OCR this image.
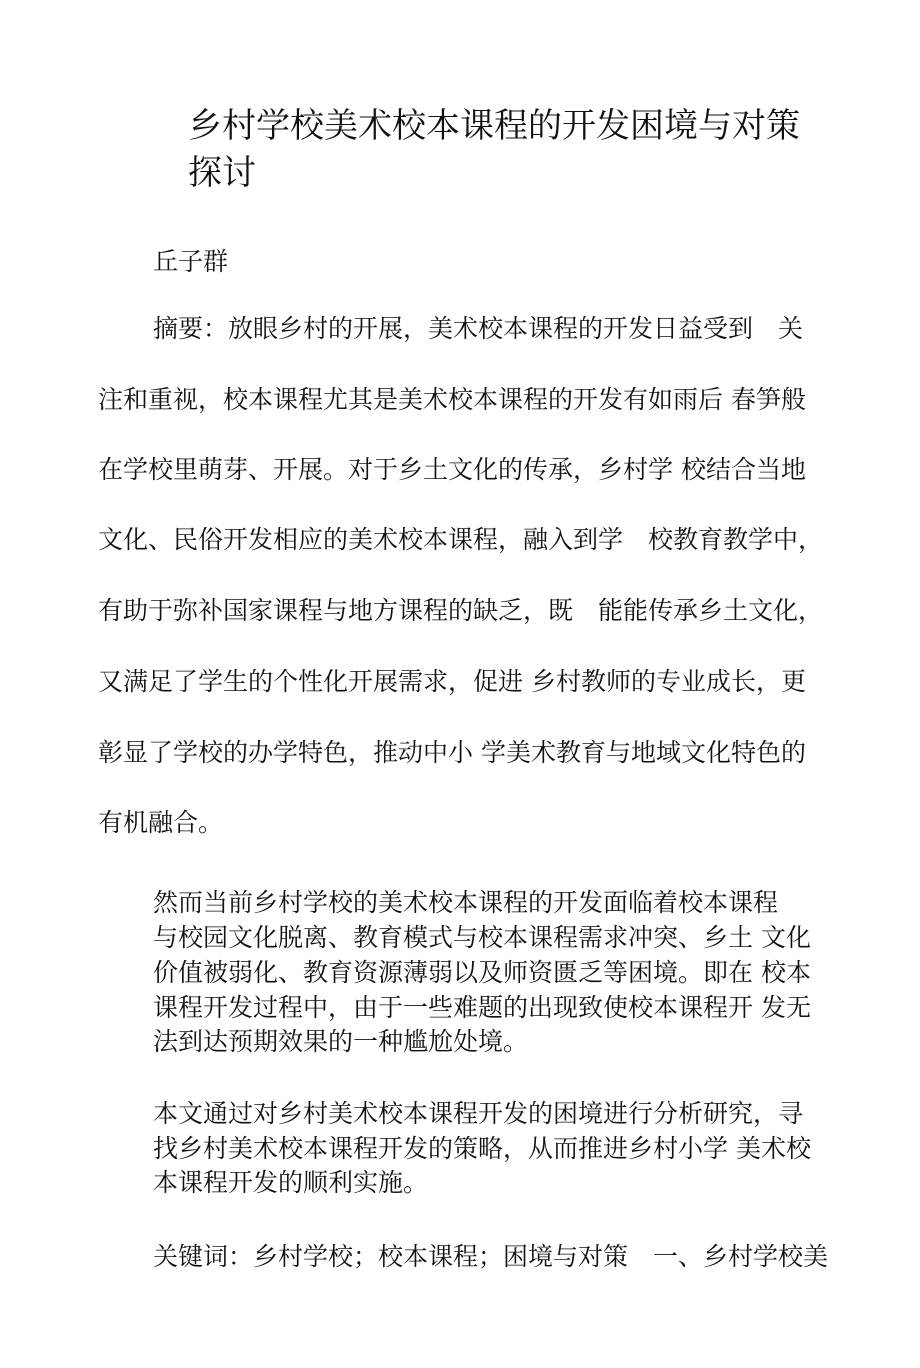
乡村学校美术校本课程的开发困境与对策
探讨
丘子群
摘要：放眼乡村的开展，美术校本课程的开发日益受到　关
注和重视，校本课程尤其是美术校本课程的开发有如雨后 春笋般
在学校里萌芽、开展。对于乡土文化的传承，乡村学 校结合当地
文化、民俗开发相应的美术校本课程，融入到学　校教育教学中，
有助于弥补国家课程与地方课程的缺乏，既　能能传承乡土文化，
又满足了学生的个性化开展需求，促进 乡村教师的专业成长，更
彰显了学校的办学特色，推动中小 学美术教育与地域文化特色的
有机融合。
然而当前乡村学校的美术校本课程的开发面临着校本课程
与校园文化脱离、教育模式与校本课程需求冲突、乡土 文化
价值被弱化、教育资源薄弱以及师资匮乏等困境。即在 校本
课程开发过程中，由于一些难题的出现致使校本课程开 发无
法到达预期效果的一种尴尬处境。
本文通过对乡村美术校本课程开发的困境进行分析研究，寻
找乡村美术校本课程开发的策略，从而推进乡村小学 美术校
本课程开发的顺利实施。
关键词：乡村学校；校本课程；困境与对策　一、乡村学校美
